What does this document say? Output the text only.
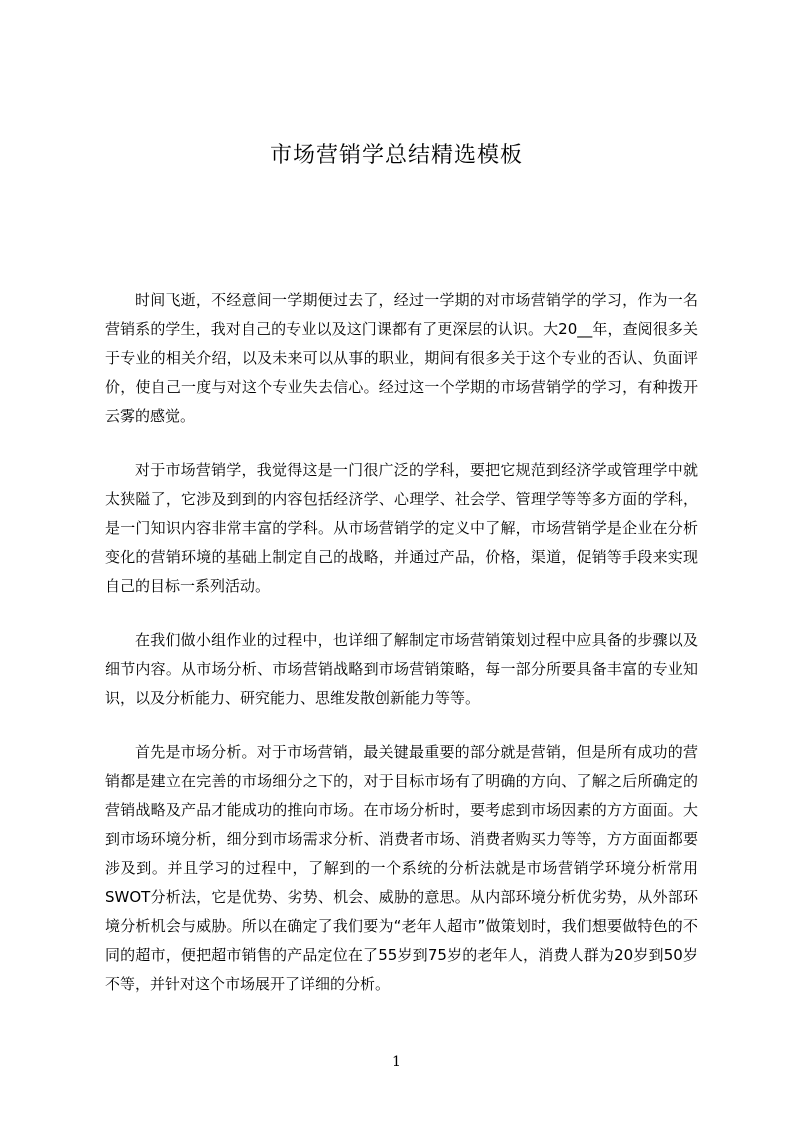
市场营销学总结精选模板

时间飞逝，不经意间一学期便过去了，经过一学期的对市场营销学的学习，作为一名营销系的学生，我对自己的专业以及这门课都有了更深层的认识。大20__年，查阅很多关于专业的相关介绍，以及未来可以从事的职业，期间有很多关于这个专业的否认、负面评价，使自己一度与对这个专业失去信心。经过这一个学期的市场营销学的学习，有种拨开云雾的感觉。

对于市场营销学，我觉得这是一门很广泛的学科，要把它规范到经济学或管理学中就太狭隘了，它涉及到到的内容包括经济学、心理学、社会学、管理学等等多方面的学科，是一门知识内容非常丰富的学科。从市场营销学的定义中了解，市场营销学是企业在分析变化的营销环境的基础上制定自己的战略，并通过产品，价格，渠道，促销等手段来实现自己的目标一系列活动。

在我们做小组作业的过程中，也详细了解制定市场营销策划过程中应具备的步骤以及细节内容。从市场分析、市场营销战略到市场营销策略，每一部分所要具备丰富的专业知识，以及分析能力、研究能力、思维发散创新能力等等。

首先是市场分析。对于市场营销，最关键最重要的部分就是营销，但是所有成功的营销都是建立在完善的市场细分之下的，对于目标市场有了明确的方向、了解之后所确定的营销战略及产品才能成功的推向市场。在市场分析时，要考虑到市场因素的方方面面。大到市场环境分析，细分到市场需求分析、消费者市场、消费者购买力等等，方方面面都要涉及到。并且学习的过程中，了解到的一个系统的分析法就是市场营销学环境分析常用SWOT分析法，它是优势、劣势、机会、威胁的意思。从内部环境分析优劣势，从外部环境分析机会与威胁。所以在确定了我们要为“老年人超市”做策划时，我们想要做特色的不同的超市，便把超市销售的产品定位在了55岁到75岁的老年人，消费人群为20岁到50岁不等，并针对这个市场展开了详细的分析。

1
